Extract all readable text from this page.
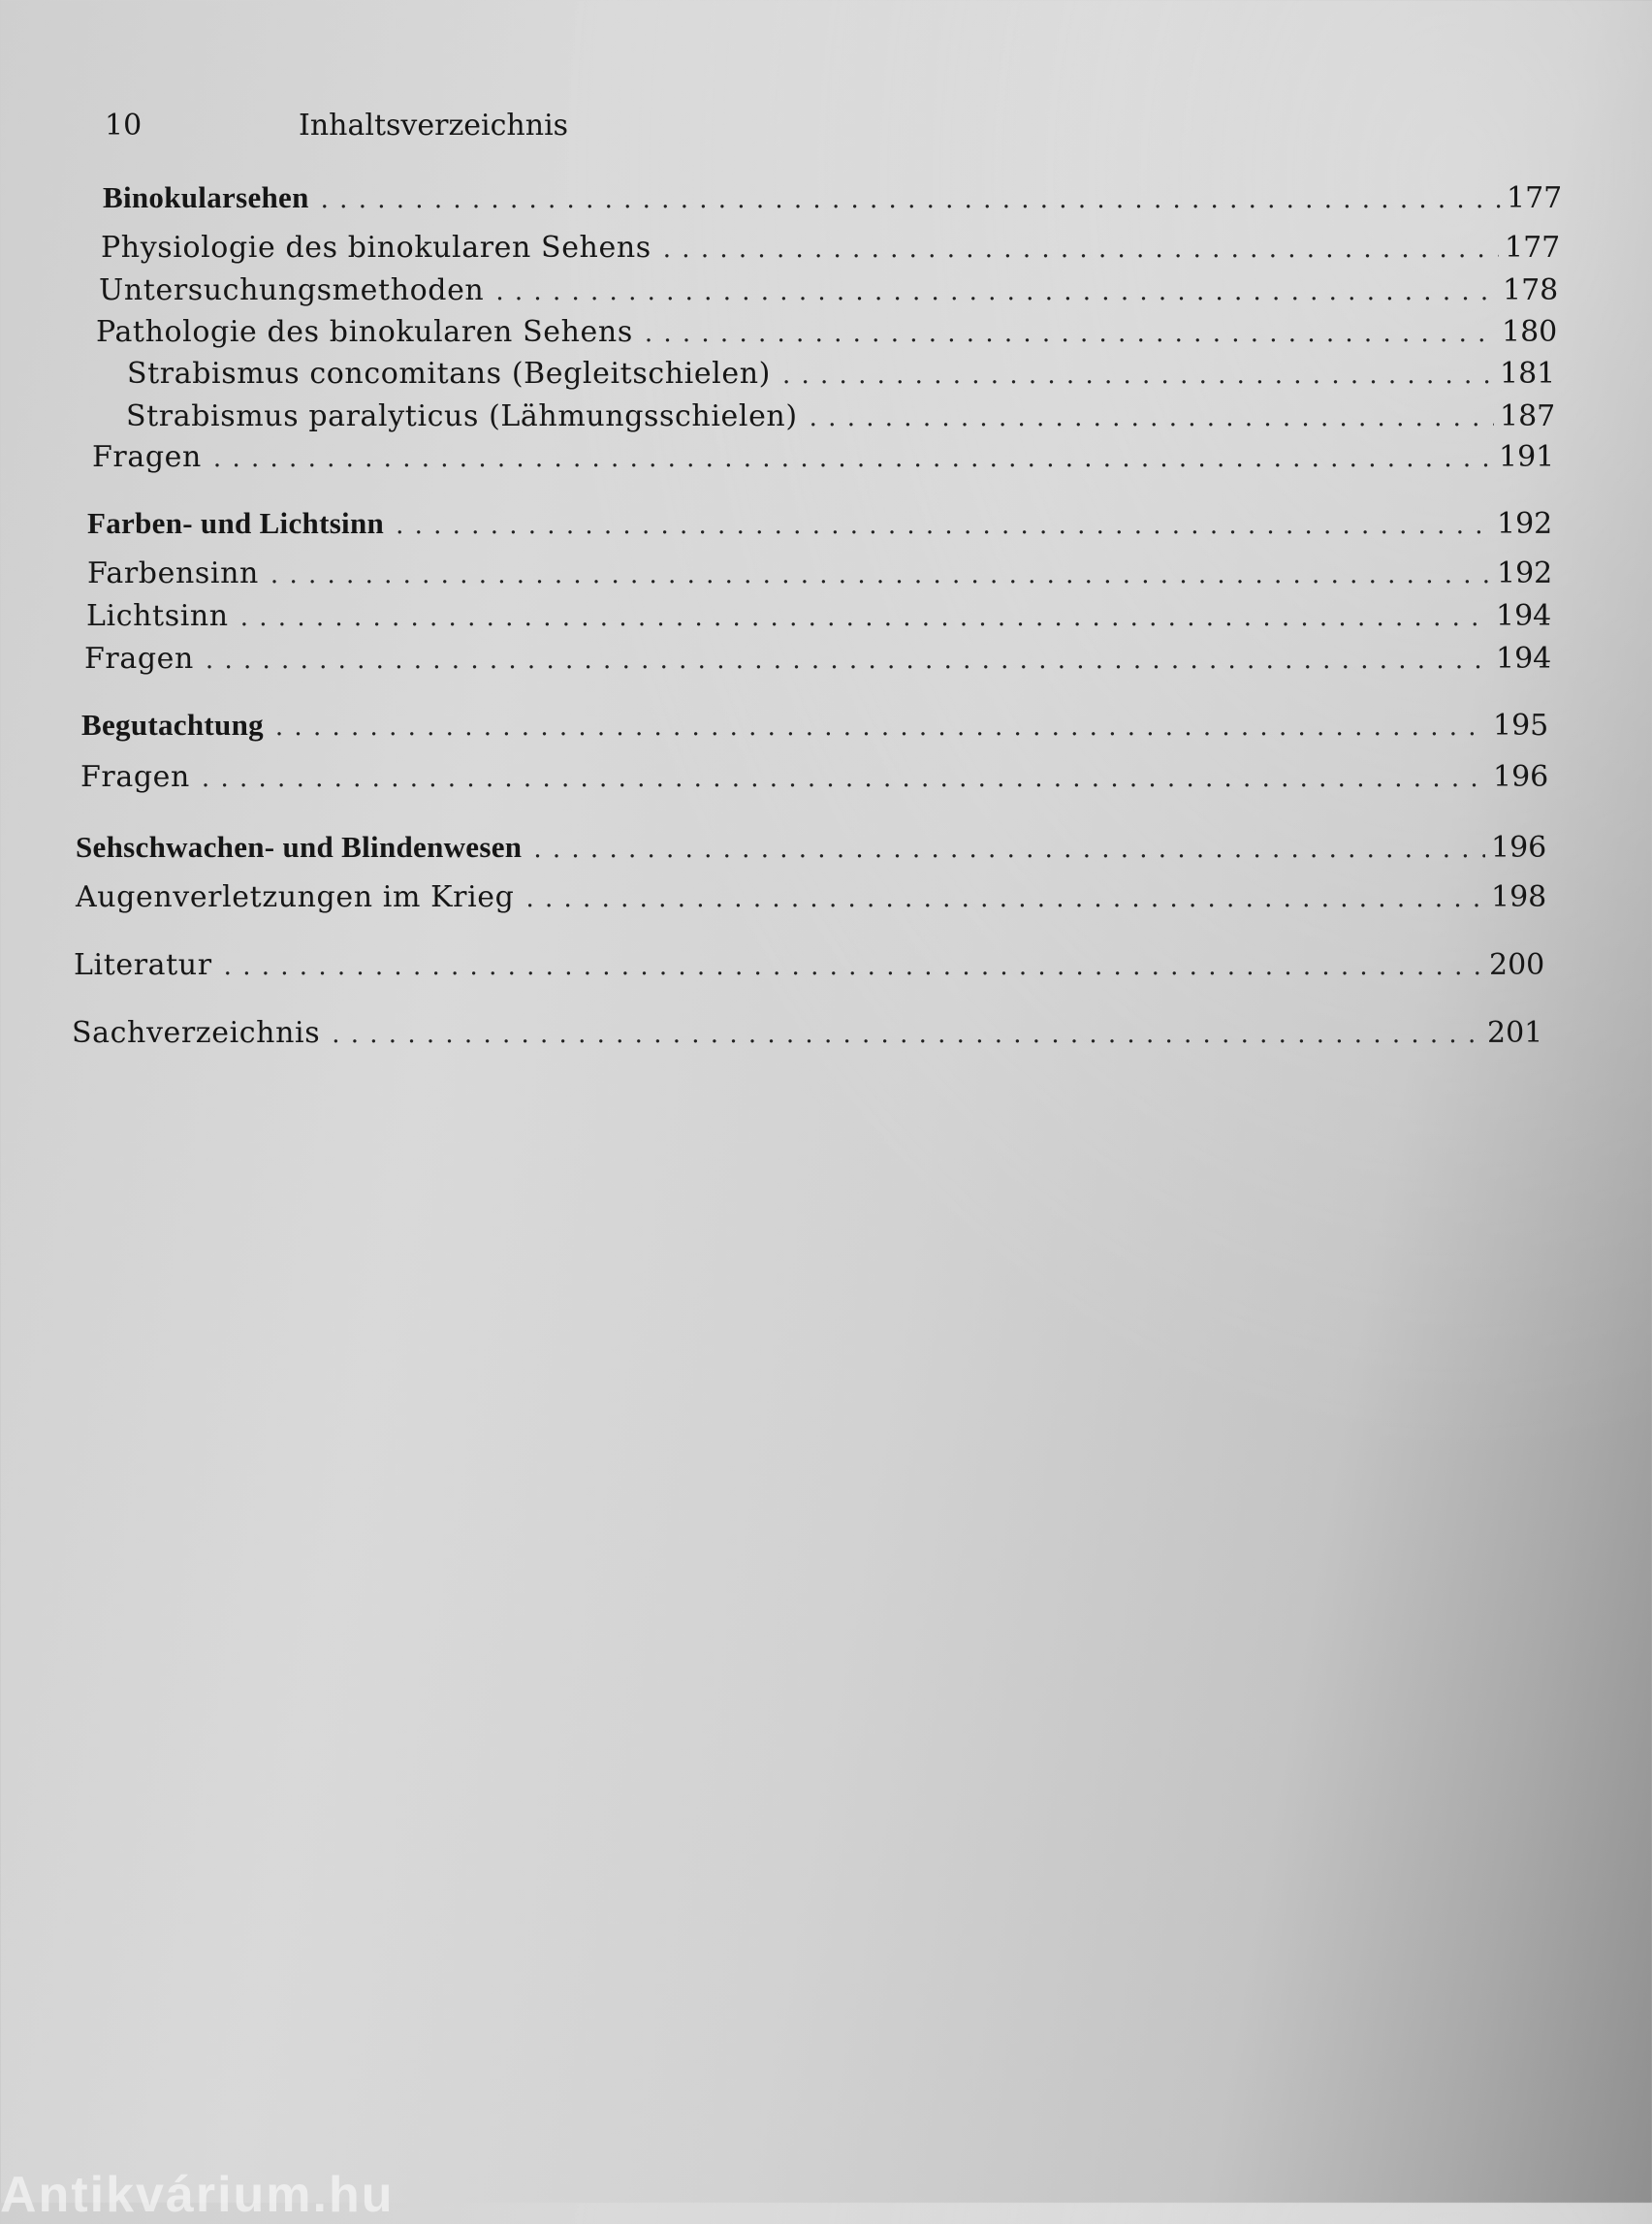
10	Inhaltsverzeichnis
Binokularsehen . . .	177
Physiologie des binokularen Sehens . . .	177
Untersuchungsmethoden . . .	178
Pathologie des binokularen Sehens . . .	180
Strabismus concomitans (Begleitschielen) . . .	181
Strabismus paralyticus (Lähmungsschielen) . . .	187
Fragen . . .	191
Farben- und Lichtsinn . . .	192
Farbensinn . . .	192
Lichtsinn . . .	194
Fragen . . .	194
Begutachtung . . .	195
Fragen . . .	196
Sehschwachen- und Blindenwesen . . .	196
Augenverletzungen im Krieg . . .	198
Literatur . . .	200
Sachverzeichnis . . .	201
Antikvárium.hu
